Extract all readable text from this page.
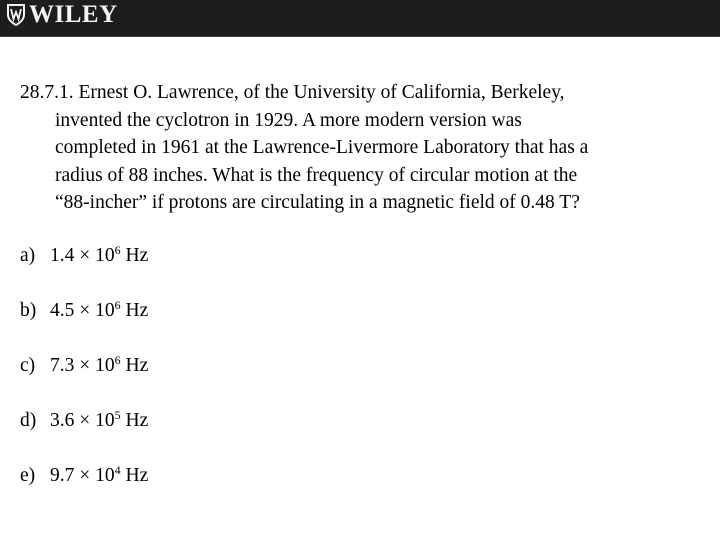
WILEY
28.7.1. Ernest O. Lawrence, of the University of California, Berkeley,
invented the cyclotron in 1929. A more modern version was
completed in 1961 at the Lawrence-Livermore Laboratory that has a
radius of 88 inches. What is the frequency of circular motion at the
“88-incher” if protons are circulating in a magnetic field of 0.48 T?
a) $1.4 \times 10^6$ Hz
b) $4.5 \times 10^6$ Hz
c) $7.3 \times 10^6$ Hz
d) $3.6 \times 10^5$ Hz
e) $9.7 \times 10^4$ Hz
